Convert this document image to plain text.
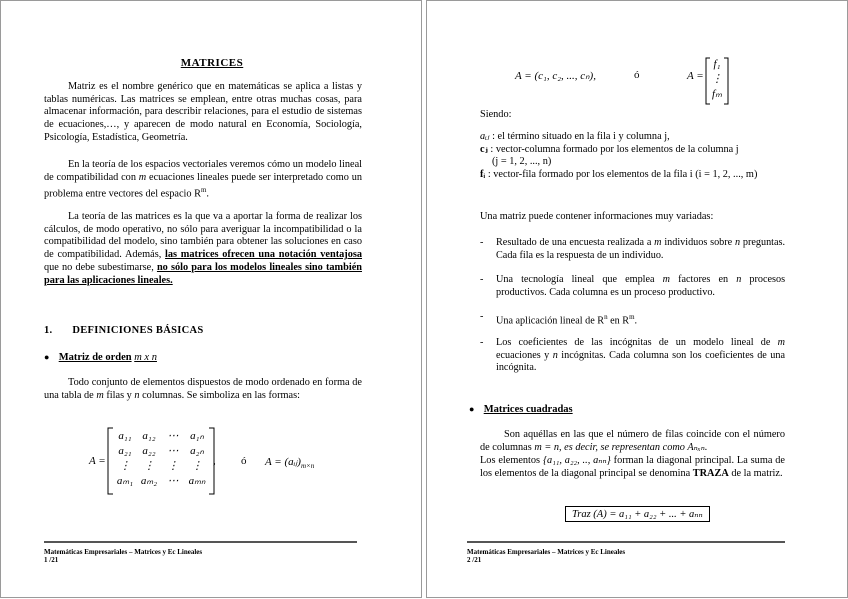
MATRICES
Matriz es el nombre genérico que en matemáticas se aplica a listas y tablas numéricas. Las matrices se emplean, entre otras muchas cosas, para almacenar información, para describir relaciones, para el estudio de sistemas de ecuaciones,…, y aparecen de modo natural en Economía, Sociología, Psicología, Estadística, Geometría.
En la teoría de los espacios vectoriales veremos cómo un modelo lineal de compatibilidad con m ecuaciones lineales puede ser interpretado como un problema entre vectores del espacio $R^m$.
La teoría de las matrices es la que va a aportar la forma de realizar los cálculos, de modo operativo, no sólo para averiguar la incompatibilidad o la compatibilidad del modelo, sino también para obtener las soluciones en caso de compatibilidad. Además, las matrices ofrecen una notación ventajosa que no debe subestimarse, no sólo para los modelos lineales sino también para las aplicaciones lineales.
1. DEFINICIONES BÁSICAS
● Matriz de orden m x n
Todo conjunto de elementos dispuestos de modo ordenado en forma de una tabla de m filas y n columnas. Se simboliza en las formas:
A =
a₁₁ a₁₂	⋯	a₁ₙ
a₂₁ a₂₂	⋯	a₂ₙ
⋮	⋮	⋮	⋮
aₘ₁ aₘ₂ ⋯ aₘₙ
, ó $A = (aᵢⱼ)_{m\times n}$
Matemáticas Empresariales – Matrices y Ec Lineales
1 /21
A = (c₁, c₂, ..., cₙ),	ó	A =
f₁
⋮
fₘ
Siendo:
aᵢⱼ : el término situado en la fila i y columna j,
cⱼ : vector-columna formado por los elementos de la columna j
(j = 1, 2, ..., n)
fᵢ : vector-fila formado por los elementos de la fila i (i = 1, 2, ..., m)
Una matriz puede contener informaciones muy variadas:
- Resultado de una encuesta realizada a m individuos sobre n preguntas. Cada fila es la respuesta de un individuo.
- Una tecnología lineal que emplea m factores en n procesos productivos. Cada columna es un proceso productivo.
- Una aplicación lineal de $R^n$ en $R^m$.
- Los coeficientes de las incógnitas de un modelo lineal de m ecuaciones y n incógnitas. Cada columna son los coeficientes de una incógnita.
● Matrices cuadradas
Son aquéllas en las que el número de filas coincide con el número de columnas m = n, es decir, se representan como Aₙₓₙ.
Los elementos {a₁₁, a₂₂, .., aₙₙ} forman la diagonal principal. La suma de los elementos de la diagonal principal se denomina TRAZA de la matriz.
Traz (A) = a₁₁ + a₂₂ + ... + aₙₙ
Matemáticas Empresariales – Matrices y Ec Lineales
2 /21
